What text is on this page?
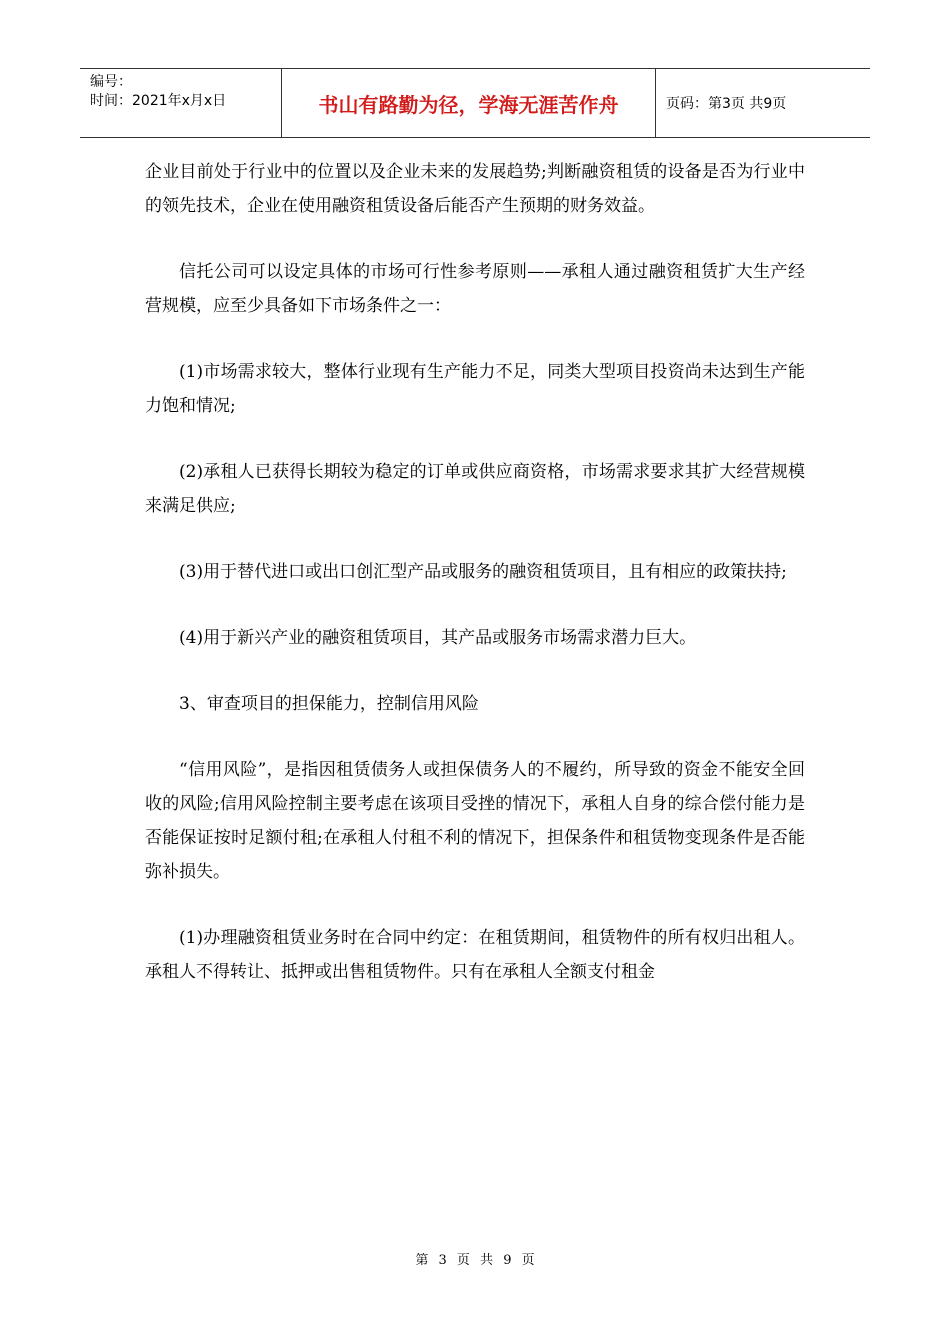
编号：
时间：2021年x月x日	书山有路勤为径，学海无涯苦作舟	页码：第3页 共9页

企业目前处于行业中的位置以及企业未来的发展趋势;判断融资租赁的设备是否为行业中的领先技术，企业在使用融资租赁设备后能否产生预期的财务效益。

信托公司可以设定具体的市场可行性参考原则——承租人通过融资租赁扩大生产经营规模，应至少具备如下市场条件之一：

(1)市场需求较大，整体行业现有生产能力不足，同类大型项目投资尚未达到生产能力饱和情况;

(2)承租人已获得长期较为稳定的订单或供应商资格，市场需求要求其扩大经营规模来满足供应;

(3)用于替代进口或出口创汇型产品或服务的融资租赁项目，且有相应的政策扶持;

(4)用于新兴产业的融资租赁项目，其产品或服务市场需求潜力巨大。

3、审查项目的担保能力，控制信用风险

“信用风险”，是指因租赁债务人或担保债务人的不履约，所导致的资金不能安全回收的风险;信用风险控制主要考虑在该项目受挫的情况下，承租人自身的综合偿付能力是否能保证按时足额付租;在承租人付租不利的情况下，担保条件和租赁物变现条件是否能弥补损失。

(1)办理融资租赁业务时在合同中约定：在租赁期间，租赁物件的所有权归出租人。承租人不得转让、抵押或出售租赁物件。只有在承租人全额支付租金

第 3 页 共 9 页
